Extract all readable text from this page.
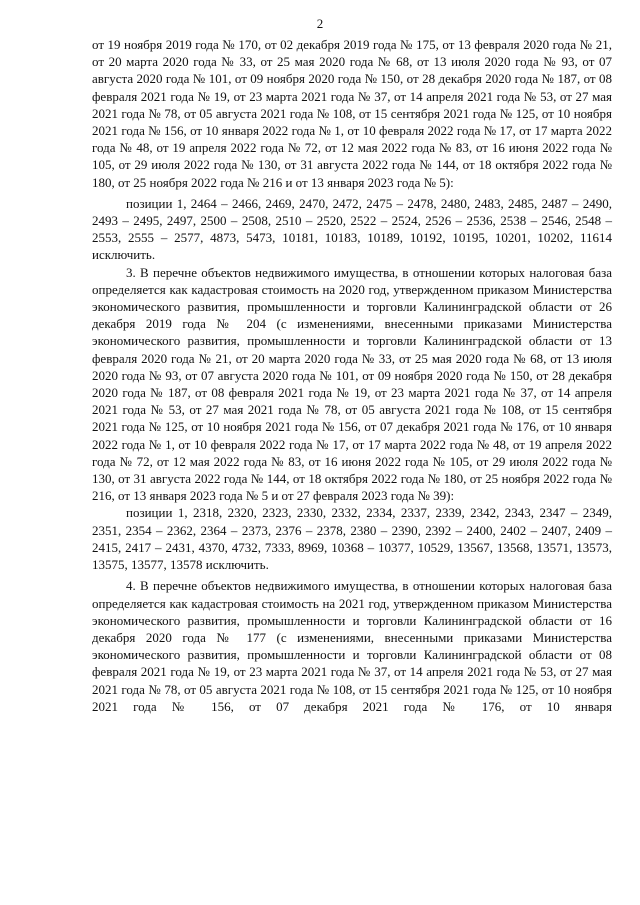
2

от 19 ноября 2019 года № 170, от 02 декабря 2019 года № 175, от 13 февраля 2020 года № 21, от 20 марта 2020 года № 33, от 25 мая 2020 года № 68, от 13 июля 2020 года № 93, от 07 августа 2020 года № 101, от 09 ноября 2020 года № 150, от 28 декабря 2020 года № 187, от 08 февраля 2021 года № 19, от 23 марта 2021 года № 37, от 14 апреля 2021 года № 53, от 27 мая 2021 года № 78, от 05 августа 2021 года № 108, от 15 сентября 2021 года № 125, от 10 ноября 2021 года № 156, от 10 января 2022 года № 1, от 10 февраля 2022 года № 17, от 17 марта 2022 года № 48, от 19 апреля 2022 года № 72, от 12 мая 2022 года № 83, от 16 июня 2022 года № 105, от 29 июля 2022 года № 130, от 31 августа 2022 года № 144, от 18 октября 2022 года № 180, от 25 ноября 2022 года № 216 и от 13 января 2023 года № 5):

позиции 1, 2464 – 2466, 2469, 2470, 2472, 2475 – 2478, 2480, 2483, 2485, 2487 – 2490, 2493 – 2495, 2497, 2500 – 2508, 2510 – 2520, 2522 – 2524, 2526 – 2536, 2538 – 2546, 2548 – 2553, 2555 – 2577, 4873, 5473, 10181, 10183, 10189, 10192, 10195, 10201, 10202, 11614 исключить.

3. В перечне объектов недвижимого имущества, в отношении которых налоговая база определяется как кадастровая стоимость на 2020 год, утвержденном приказом Министерства экономического развития, промышленности и торговли Калининградской области от 26 декабря 2019 года № 204 (с изменениями, внесенными приказами Министерства экономического развития, промышленности и торговли Калининградской области от 13 февраля 2020 года № 21, от 20 марта 2020 года № 33, от 25 мая 2020 года № 68, от 13 июля 2020 года № 93, от 07 августа 2020 года № 101, от 09 ноября 2020 года № 150, от 28 декабря 2020 года № 187, от 08 февраля 2021 года № 19, от 23 марта 2021 года № 37, от 14 апреля 2021 года № 53, от 27 мая 2021 года № 78, от 05 августа 2021 года № 108, от 15 сентября 2021 года № 125, от 10 ноября 2021 года № 156, от 07 декабря 2021 года № 176, от 10 января 2022 года № 1, от 10 февраля 2022 года № 17, от 17 марта 2022 года № 48, от 19 апреля 2022 года № 72, от 12 мая 2022 года № 83, от 16 июня 2022 года № 105, от 29 июля 2022 года № 130, от 31 августа 2022 года № 144, от 18 октября 2022 года № 180, от 25 ноября 2022 года № 216, от 13 января 2023 года № 5 и от 27 февраля 2023 года № 39):

позиции 1, 2318, 2320, 2323, 2330, 2332, 2334, 2337, 2339, 2342, 2343, 2347 – 2349, 2351, 2354 – 2362, 2364 – 2373, 2376 – 2378, 2380 – 2390, 2392 – 2400, 2402 – 2407, 2409 – 2415, 2417 – 2431, 4370, 4732, 7333, 8969, 10368 – 10377, 10529, 13567, 13568, 13571, 13573, 13575, 13577, 13578 исключить.

4. В перечне объектов недвижимого имущества, в отношении которых налоговая база определяется как кадастровая стоимость на 2021 год, утвержденном приказом Министерства экономического развития, промышленности и торговли Калининградской области от 16 декабря 2020 года № 177 (с изменениями, внесенными приказами Министерства экономического развития, промышленности и торговли Калининградской области от 08 февраля 2021 года № 19, от 23 марта 2021 года № 37, от 14 апреля 2021 года № 53, от 27 мая 2021 года № 78, от 05 августа 2021 года № 108, от 15 сентября 2021 года № 125, от 10 ноября 2021 года № 156, от 07 декабря 2021 года № 176, от 10 января
